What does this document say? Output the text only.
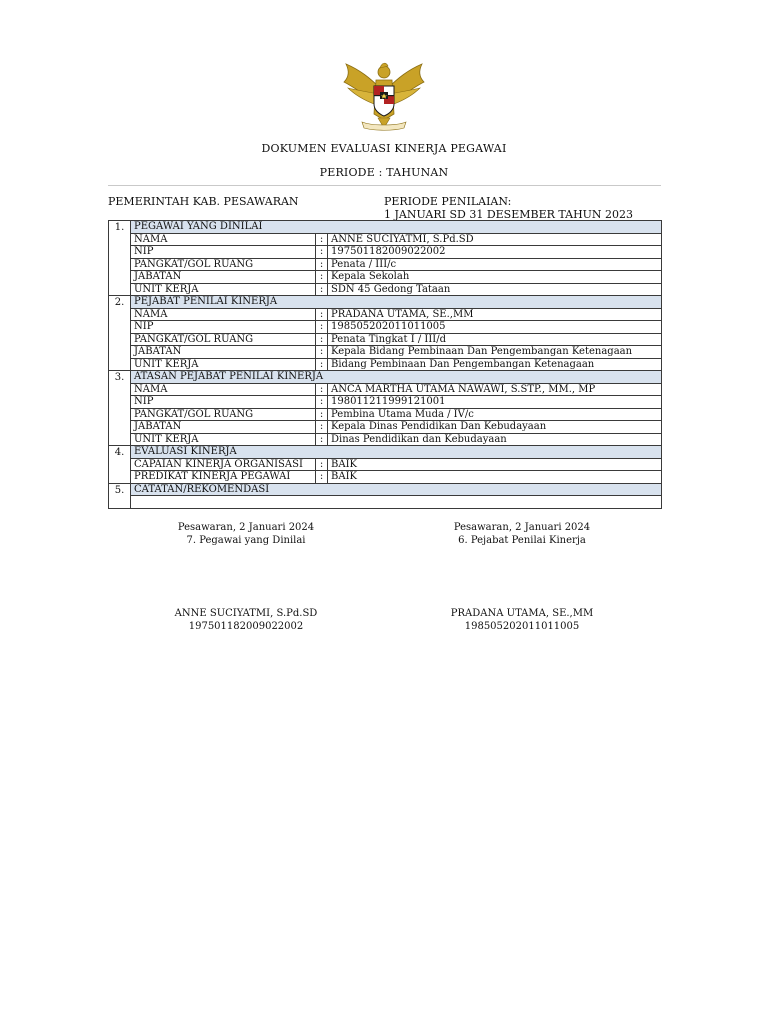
DOKUMEN EVALUASI KINERJA PEGAWAI
PERIODE : TAHUNAN
PEMERINTAH KAB. PESAWARAN	PERIODE PENILAIAN:
1 JANUARI SD 31 DESEMBER TAHUN 2023
1.	PEGAWAI YANG DINILAI		
	NAMA	:	ANNE SUCIYATMI, S.Pd.SD
	NIP	:	197501182009022002
	PANGKAT/GOL RUANG	:	Penata / III/c
	JABATAN	:	Kepala Sekolah
	UNIT KERJA	:	SDN 45 Gedong Tataan
2.	PEJABAT PENILAI KINERJA		
	NAMA	:	PRADANA UTAMA, SE.,MM
	NIP	:	198505202011011005
	PANGKAT/GOL RUANG	:	Penata Tingkat I / III/d
	JABATAN	:	Kepala Bidang Pembinaan Dan Pengembangan Ketenagaan
	UNIT KERJA	:	Bidang Pembinaan Dan Pengembangan Ketenagaan
3.	ATASAN PEJABAT PENILAI KINERJA		
	NAMA	:	ANCA MARTHA UTAMA NAWAWI, S.STP., MM., MP
	NIP	:	198011211999121001
	PANGKAT/GOL RUANG	:	Pembina Utama Muda / IV/c
	JABATAN	:	Kepala Dinas Pendidikan Dan Kebudayaan
	UNIT KERJA	:	Dinas Pendidikan dan Kebudayaan
4.	EVALUASI KINERJA		
	CAPAIAN KINERJA ORGANISASI	:	BAIK
	PREDIKAT KINERJA PEGAWAI	:	BAIK
5.	CATATAN/REKOMENDASI		

Pesawaran, 2 Januari 2024
7. Pegawai yang Dinilai
Pesawaran, 2 Januari 2024
6. Pejabat Penilai Kinerja
ANNE SUCIYATMI, S.Pd.SD
197501182009022002
PRADANA UTAMA, SE.,MM
198505202011011005
